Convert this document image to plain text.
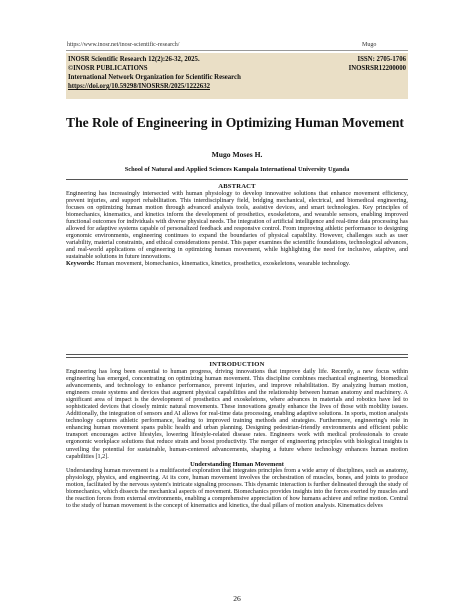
https://www.inosr.net/inosr-scientific-research/	Mugo
INOSR Scientific Research 12(2):26-32, 2025.	ISSN: 2705-1706
©INOSR PUBLICATIONS	INOSRSR12200000
International Network Organization for Scientific Research
https://doi.org/10.59298/INOSRSR/2025/1222632
The Role of Engineering in Optimizing Human Movement
Mugo Moses H.
School of Natural and Applied Sciences Kampala International University Uganda
ABSTRACT

Engineering has increasingly intersected with human physiology to develop innovative solutions that enhance movement efficiency, prevent injuries, and support rehabilitation. This interdisciplinary field, bridging mechanical, electrical, and biomedical engineering, focuses on optimizing human motion through advanced analysis tools, assistive devices, and smart technologies. Key principles of biomechanics, kinematics, and kinetics inform the development of prosthetics, exoskeletons, and wearable sensors, enabling improved functional outcomes for individuals with diverse physical needs. The integration of artificial intelligence and real-time data processing has allowed for adaptive systems capable of personalized feedback and responsive control. From improving athletic performance to designing ergonomic environments, engineering continues to expand the boundaries of physical capability. However, challenges such as user variability, material constraints, and ethical considerations persist. This paper examines the scientific foundations, technological advances, and real-world applications of engineering in optimizing human movement, while highlighting the need for inclusive, adaptive, and sustainable solutions in future innovations.

Keywords: Human movement, biomechanics, kinematics, kinetics, prosthetics, exoskeletons, wearable technology.

INTRODUCTION

Engineering has long been essential to human progress, driving innovations that improve daily life. Recently, a new focus within engineering has emerged, concentrating on optimizing human movement. This discipline combines mechanical engineering, biomedical advancements, and technology to enhance performance, prevent injuries, and improve rehabilitation. By analyzing human motion, engineers create systems and devices that augment physical capabilities and the relationship between human anatomy and machinery. A significant area of impact is the development of prosthetics and exoskeletons, where advances in materials and robotics have led to sophisticated devices that closely mimic natural movements. These innovations greatly enhance the lives of those with mobility issues. Additionally, the integration of sensors and AI allows for real-time data processing, enabling adaptive solutions. In sports, motion analysis technology captures athletic performance, leading to improved training methods and strategies. Furthermore, engineering's role in enhancing human movement spans public health and urban planning. Designing pedestrian-friendly environments and efficient public transport encourages active lifestyles, lowering lifestyle-related disease rates. Engineers work with medical professionals to create ergonomic workplace solutions that reduce strain and boost productivity. The merger of engineering principles with biological insights is unveiling the potential for sustainable, human-centered advancements, shaping a future where technology enhances human motion capabilities [1,2].

Understanding Human Movement

Understanding human movement is a multifaceted exploration that integrates principles from a wide array of disciplines, such as anatomy, physiology, physics, and engineering. At its core, human movement involves the orchestration of muscles, bones, and joints to produce motion, facilitated by the nervous system's intricate signaling processes. This dynamic interaction is further delineated through the study of biomechanics, which dissects the mechanical aspects of movement. Biomechanics provides insights into the forces exerted by muscles and the reaction forces from external environments, enabling a comprehensive appreciation of how humans achieve and refine motion. Central to the study of human movement is the concept of kinematics and kinetics, the dual pillars of motion analysis. Kinematics delves

26
